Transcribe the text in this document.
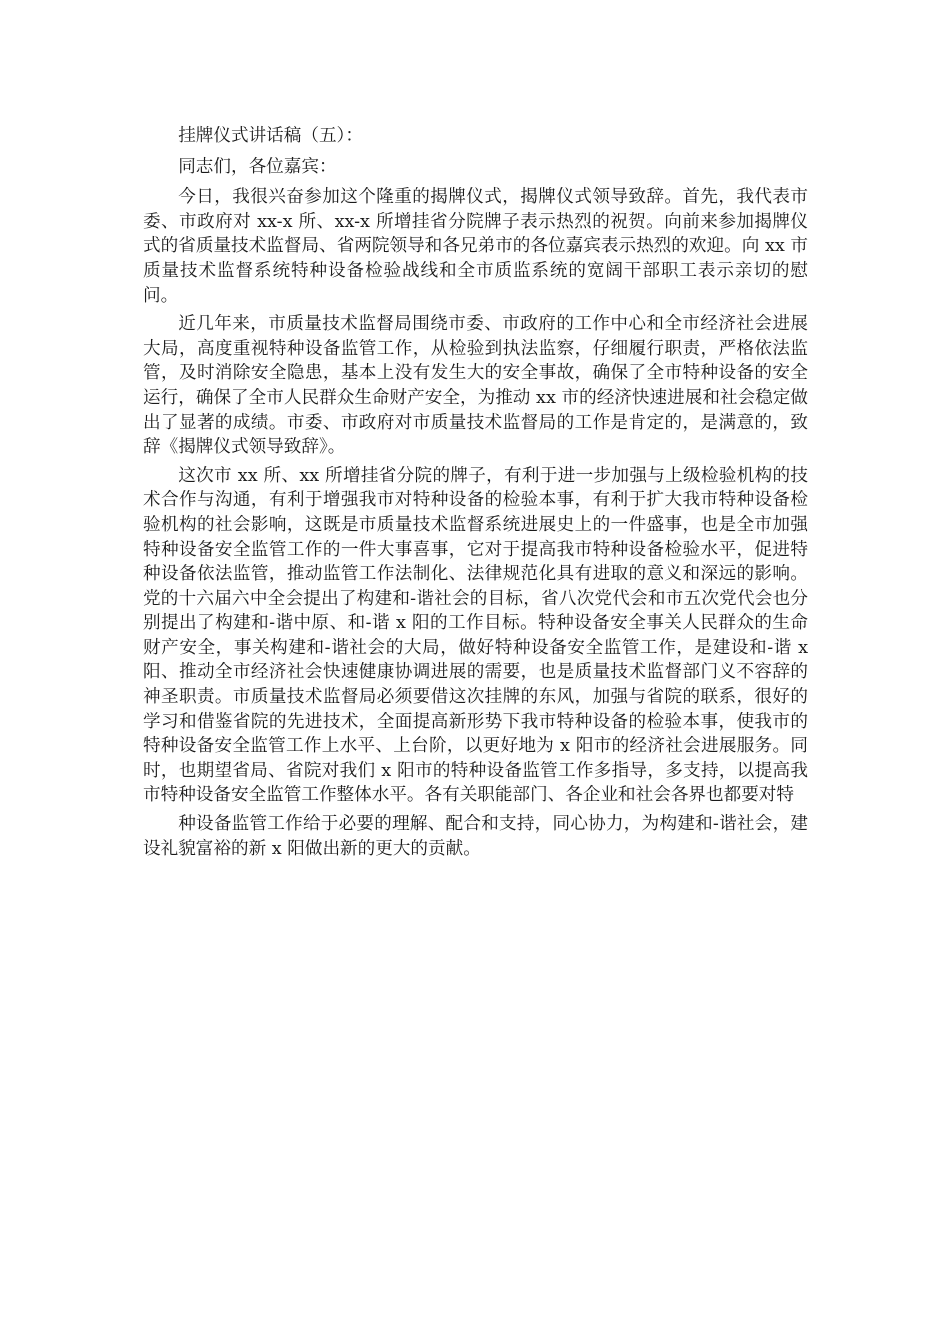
挂牌仪式讲话稿（五）：

同志们，各位嘉宾：

今日，我很兴奋参加这个隆重的揭牌仪式，揭牌仪式领导致辞。首先，我代表市委、市政府对 xx-x 所、xx-x 所增挂省分院牌子表示热烈的祝贺。向前来参加揭牌仪式的省质量技术监督局、省两院领导和各兄弟市的各位嘉宾表示热烈的欢迎。向 xx 市质量技术监督系统特种设备检验战线和全市质监系统的宽阔干部职工表示亲切的慰问。

近几年来，市质量技术监督局围绕市委、市政府的工作中心和全市经济社会进展大局，高度重视特种设备监管工作，从检验到执法监察，仔细履行职责，严格依法监管，及时消除安全隐患，基本上没有发生大的安全事故，确保了全市特种设备的安全运行，确保了全市人民群众生命财产安全，为推动 xx 市的经济快速进展和社会稳定做出了显著的成绩。市委、市政府对市质量技术监督局的工作是肯定的，是满意的，致辞《揭牌仪式领导致辞》。

这次市 xx 所、xx 所增挂省分院的牌子，有利于进一步加强与上级检验机构的技术合作与沟通，有利于增强我市对特种设备的检验本事，有利于扩大我市特种设备检验机构的社会影响，这既是市质量技术监督系统进展史上的一件盛事，也是全市加强特种设备安全监管工作的一件大事喜事，它对于提高我市特种设备检验水平，促进特种设备依法监管，推动监管工作法制化、法律规范化具有进取的意义和深远的影响。党的十六届六中全会提出了构建和-谐社会的目标，省八次党代会和市五次党代会也分别提出了构建和-谐中原、和-谐 x 阳的工作目标。特种设备安全事关人民群众的生命财产安全，事关构建和-谐社会的大局，做好特种设备安全监管工作，是建设和-谐 x 阳、推动全市经济社会快速健康协调进展的需要，也是质量技术监督部门义不容辞的神圣职责。市质量技术监督局必须要借这次挂牌的东风，加强与省院的联系，很好的学习和借鉴省院的先进技术，全面提高新形势下我市特种设备的检验本事，使我市的特种设备安全监管工作上水平、上台阶，以更好地为 x 阳市的经济社会进展服务。同时，也期望省局、省院对我们 x 阳市的特种设备监管工作多指导，多支持，以提高我市特种设备安全监管工作整体水平。各有关职能部门、各企业和社会各界也都要对特

种设备监管工作给于必要的理解、配合和支持，同心协力，为构建和-谐社会，建设礼貌富裕的新 x 阳做出新的更大的贡献。
